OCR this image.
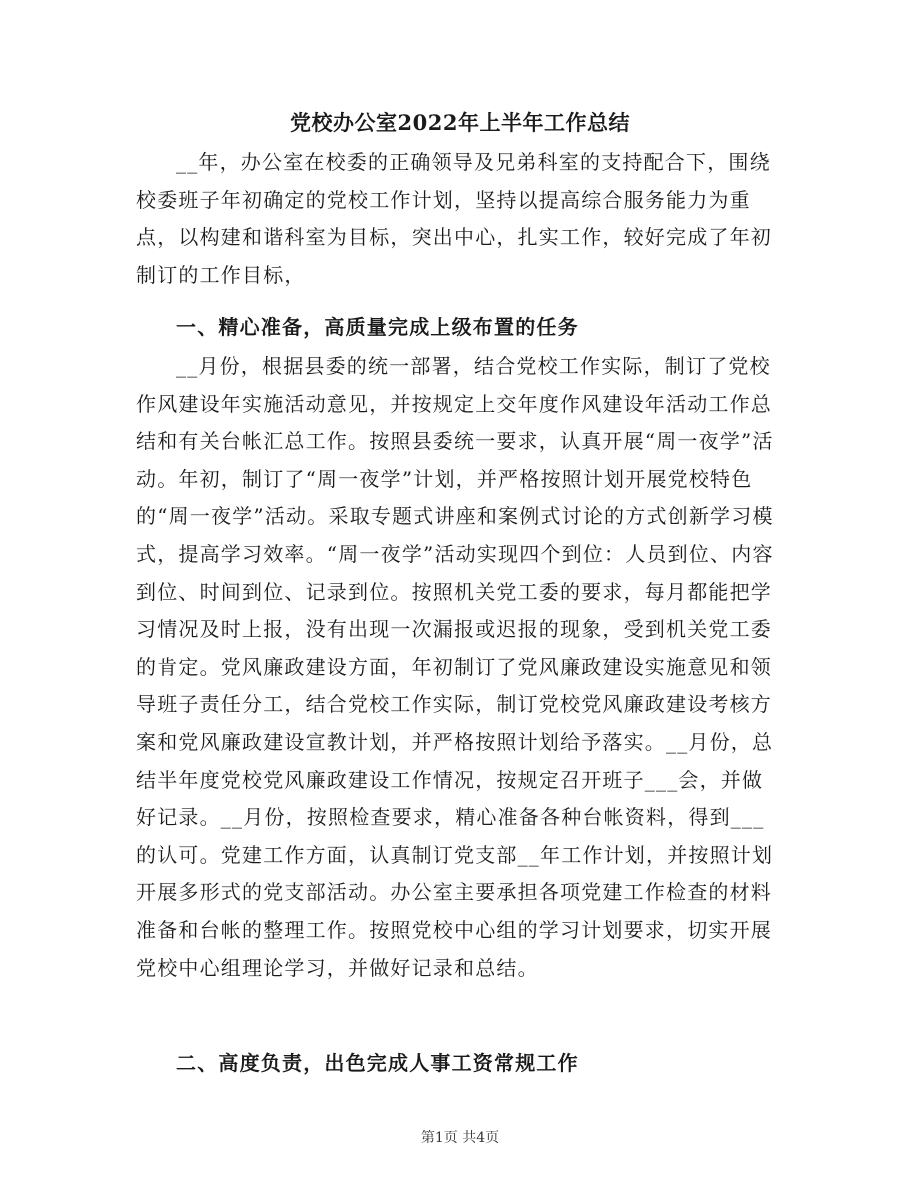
党校办公室2022年上半年工作总结

__年，办公室在校委的正确领导及兄弟科室的支持配合下，围绕校委班子年初确定的党校工作计划，坚持以提高综合服务能力为重点，以构建和谐科室为目标，突出中心，扎实工作，较好完成了年初制订的工作目标，

一、精心准备，高质量完成上级布置的任务

__月份，根据县委的统一部署，结合党校工作实际，制订了党校作风建设年实施活动意见，并按规定上交年度作风建设年活动工作总结和有关台帐汇总工作。按照县委统一要求，认真开展“周一夜学”活动。年初，制订了“周一夜学”计划，并严格按照计划开展党校特色的“周一夜学”活动。采取专题式讲座和案例式讨论的方式创新学习模式，提高学习效率。“周一夜学”活动实现四个到位：人员到位、内容到位、时间到位、记录到位。按照机关党工委的要求，每月都能把学习情况及时上报，没有出现一次漏报或迟报的现象，受到机关党工委的肯定。党风廉政建设方面，年初制订了党风廉政建设实施意见和领导班子责任分工，结合党校工作实际，制订党校党风廉政建设考核方案和党风廉政建设宣教计划，并严格按照计划给予落实。__月份，总结半年度党校党风廉政建设工作情况，按规定召开班子___会，并做好记录。__月份，按照检查要求，精心准备各种台帐资料，得到___的认可。党建工作方面，认真制订党支部__年工作计划，并按照计划开展多形式的党支部活动。办公室主要承担各项党建工作检查的材料准备和台帐的整理工作。按照党校中心组的学习计划要求，切实开展党校中心组理论学习，并做好记录和总结。

二、高度负责，出色完成人事工资常规工作
第1页 共4页
